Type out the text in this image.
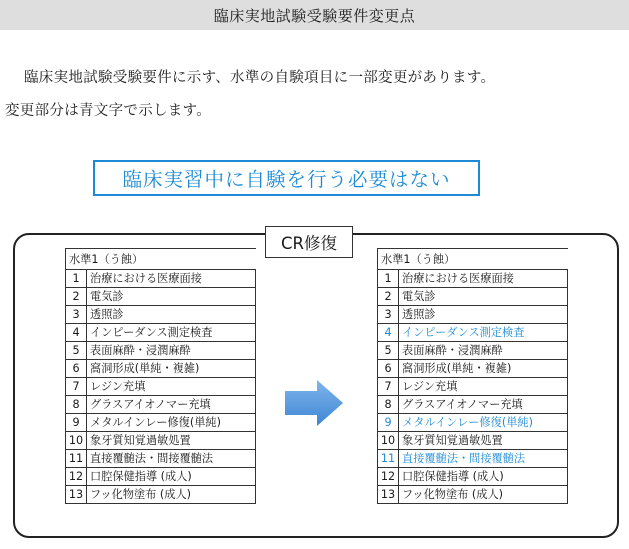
臨床実地試験受験要件変更点
臨床実地試験受験要件に示す、水準の自験項目に一部変更があります。
変更部分は青文字で示します。
臨床実習中に自験を行う必要はない
水準1（う蝕）	
1	治療における医療面接
2	電気診
3	透照診
4	インピーダンス測定検査
5	表面麻酔・浸潤麻酔
6	窩洞形成(単純・複雑)
7	レジン充填
8	グラスアイオノマー充填
9	メタルインレー修復(単純)
10	象牙質知覚過敏処置
11	直接覆髄法・間接覆髄法
12	口腔保健指導 (成人)
13	フッ化物塗布 (成人)
CR修復
水準1（う蝕）	
1	治療における医療面接
2	電気診
3	透照診
4	インピーダンス測定検査
5	表面麻酔・浸潤麻酔
6	窩洞形成(単純・複雑)
7	レジン充填
8	グラスアイオノマー充填
9	メタルインレー修復(単純)
10	象牙質知覚過敏処置
11	直接覆髄法・間接覆髄法
12	口腔保健指導 (成人)
13	フッ化物塗布 (成人)
